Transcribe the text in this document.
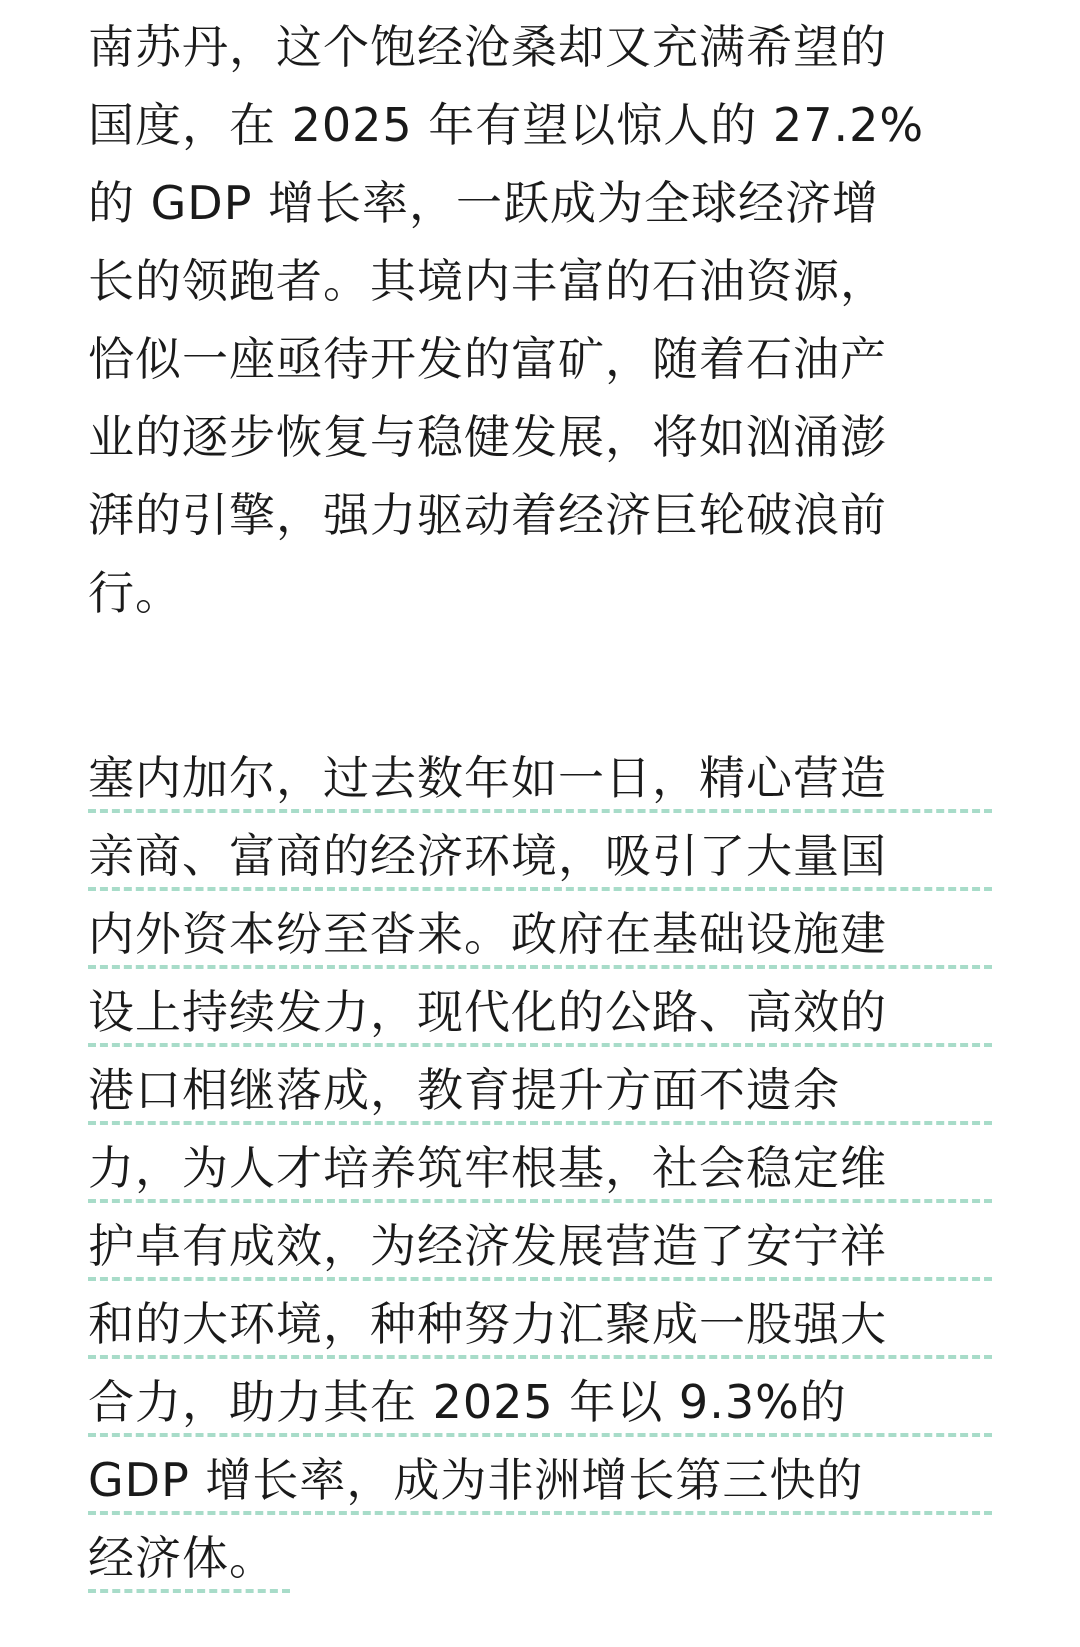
南苏丹，这个饱经沧桑却又充满希望的
国度，在 2025 年有望以惊人的 27.2%
的 GDP 增长率，一跃成为全球经济增
长的领跑者。其境内丰富的石油资源，
恰似一座亟待开发的富矿，随着石油产
业的逐步恢复与稳健发展，将如汹涌澎
湃的引擎，强力驱动着经济巨轮破浪前
行。

塞内加尔，过去数年如一日，精心营造
亲商、富商的经济环境，吸引了大量国
内外资本纷至沓来。政府在基础设施建
设上持续发力，现代化的公路、高效的
港口相继落成，教育提升方面不遗余
力，为人才培养筑牢根基，社会稳定维
护卓有成效，为经济发展营造了安宁祥
和的大环境，种种努力汇聚成一股强大
合力，助力其在 2025 年以 9.3%的
GDP 增长率，成为非洲增长第三快的
经济体。
